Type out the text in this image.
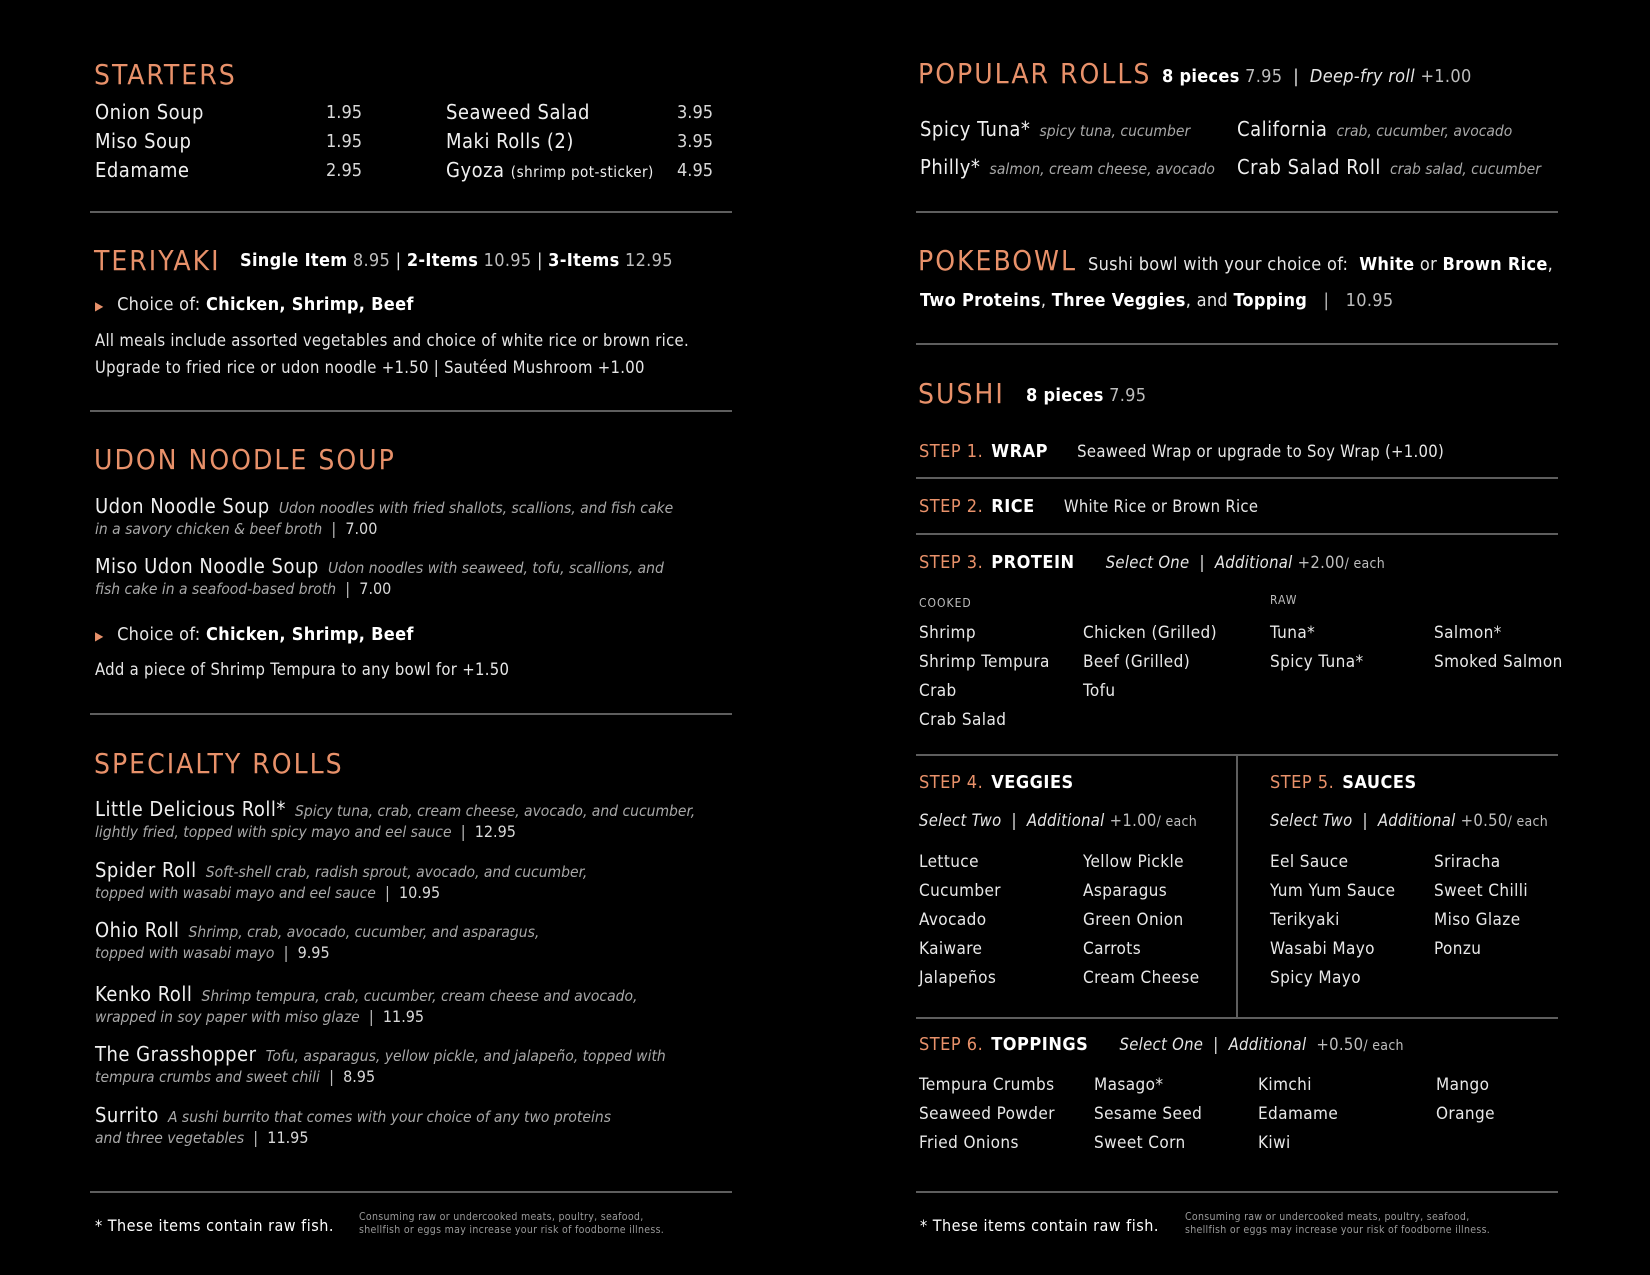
STARTERS
Onion Soup	1.95
Miso Soup	1.95
Edamame	2.95
Seaweed Salad	3.95
Maki Rolls (2)	3.95
Gyoza (shrimp pot-sticker) 4.95
TERIYAKI Single Item 8.95 | 2-Items 10.95 | 3-Items 12.95
▶ Choice of: Chicken, Shrimp, Beef
All meals include assorted vegetables and choice of white rice or brown rice.
Upgrade to fried rice or udon noodle +1.50 | Sautéed Mushroom +1.00
UDON NOODLE SOUP
Udon Noodle Soup Udon noodles with fried shallots, scallions, and fish cake
in a savory chicken & beef broth  |  7.00
Miso Udon Noodle Soup Udon noodles with seaweed, tofu, scallions, and
fish cake in a seafood-based broth  |  7.00
▶ Choice of: Chicken, Shrimp, Beef
Add a piece of Shrimp Tempura to any bowl for +1.50
SPECIALTY ROLLS
Little Delicious Roll* Spicy tuna, crab, cream cheese, avocado, and cucumber,
lightly fried, topped with spicy mayo and eel sauce  |  12.95
Spider Roll Soft-shell crab, radish sprout, avocado, and cucumber,
topped with wasabi mayo and eel sauce  |  10.95
Ohio Roll Shrimp, crab, avocado, cucumber, and asparagus,
topped with wasabi mayo  |  9.95
Kenko Roll Shrimp tempura, crab, cucumber, cream cheese and avocado,
wrapped in soy paper with miso glaze  |  11.95
The Grasshopper Tofu, asparagus, yellow pickle, and jalapeño, topped with
tempura crumbs and sweet chili  |  8.95
Surrito A sushi burrito that comes with your choice of any two proteins
and three vegetables  |  11.95
* These items contain raw fish. Consuming raw or undercooked meats, poultry, seafood,
shellfish or eggs may increase your risk of foodborne illness.
POPULAR ROLLS 8 pieces 7.95  |  Deep-fry roll +1.00
Spicy Tuna* spicy tuna, cucumber California crab, cucumber, avocado
Philly* salmon, cream cheese, avocado Crab Salad Roll crab salad, cucumber
POKEBOWL Sushi bowl with your choice of: White or Brown Rice,
Two Proteins, Three Veggies, and Topping   |   10.95
SUSHI 8 pieces 7.95
STEP 1. WRAP Seaweed Wrap or upgrade to Soy Wrap (+1.00)
STEP 2. RICE White Rice or Brown Rice
STEP 3. PROTEIN Select One  |  Additional +2.00/ each
COOKED	RAW
Shrimp
Shrimp Tempura
Crab
Crab Salad
Chicken (Grilled)
Beef (Grilled)
Tofu
Tuna*
Spicy Tuna*
Salmon*
Smoked Salmon
STEP 4. VEGGIES
Select Two  |  Additional +1.00/ each
Lettuce
Cucumber
Avocado
Kaiware
Jalapeños
Yellow Pickle
Asparagus
Green Onion
Carrots
Cream Cheese
STEP 5. SAUCES
Select Two  |  Additional +0.50/ each
Eel Sauce
Yum Yum Sauce
Terikyaki
Wasabi Mayo
Spicy Mayo
Sriracha
Sweet Chilli
Miso Glaze
Ponzu
STEP 6. TOPPINGS Select One  |  Additional +0.50/ each
Tempura Crumbs
Seaweed Powder
Fried Onions
Masago*
Sesame Seed
Sweet Corn
Kimchi
Edamame
Kiwi
Mango
Orange
* These items contain raw fish. Consuming raw or undercooked meats, poultry, seafood,
shellfish or eggs may increase your risk of foodborne illness.
